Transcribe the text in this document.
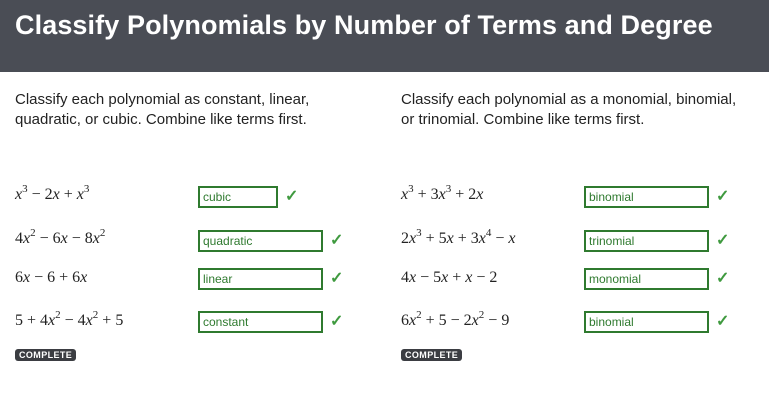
Classify Polynomials by Number of Terms and Degree
Classify each polynomial as constant, linear, quadratic, or cubic. Combine like terms first.
Classify each polynomial as a monomial, binomial, or trinomial. Combine like terms first.
$x^3 - 2x + x^3$
$4x^2 - 6x - 8x^2$
6x − 6 + 6x
$5 + 4x^2 - 4x^2 + 5$
cubic
quadratic
linear
constant
✓
✓
✓
✓
COMPLETE
$x^3 + 3x^3 + 2x$
$2x^3 + 5x + 3x^4 - x$
4x − 5x + x − 2
$6x^2 + 5 - 2x^2 - 9$
binomial
trinomial
monomial
binomial
✓
✓
✓
✓
COMPLETE
